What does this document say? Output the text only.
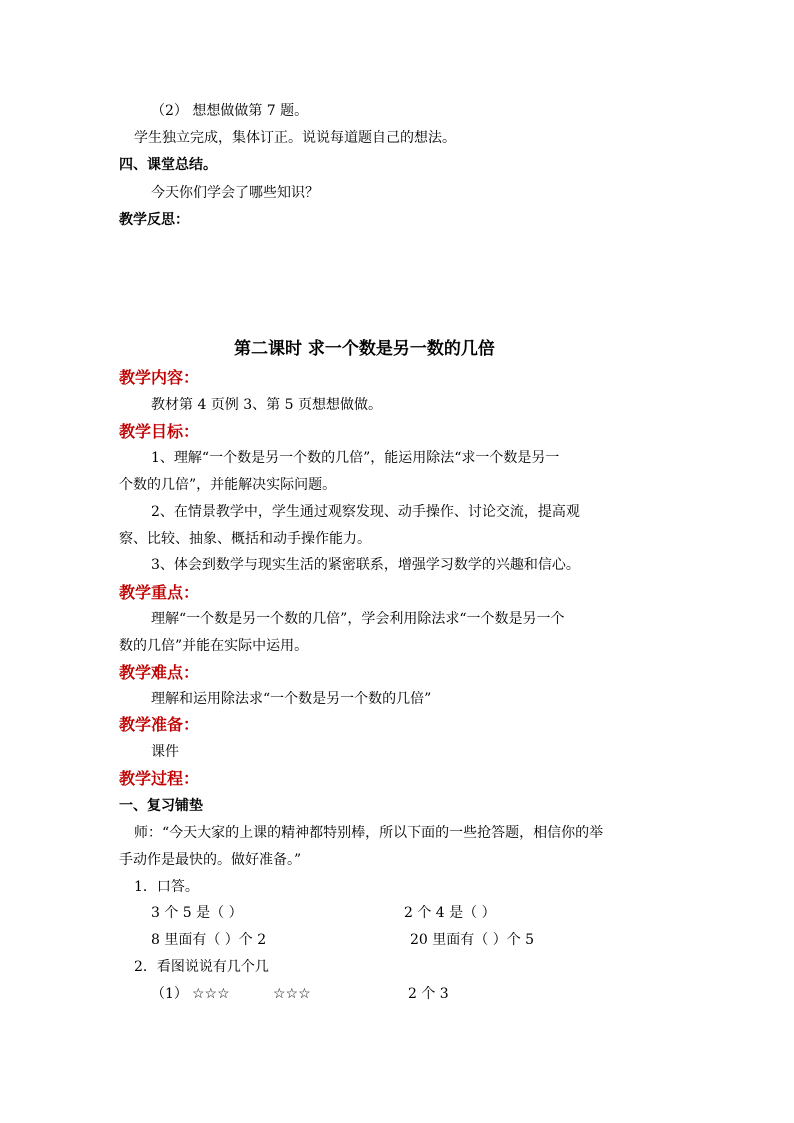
（2） 想想做做第 7 题。
学生独立完成，集体订正。说说每道题自己的想法。
四、课堂总结。
今天你们学会了哪些知识？
教学反思：
第二课时 求一个数是另一数的几倍
教学内容：
教材第 4 页例 3、第 5 页想想做做。
教学目标：
1、理解“一个数是另一个数的几倍”，能运用除法“求一个数是另一
个数的几倍”，并能解决实际问题。
2、在情景教学中，学生通过观察发现、动手操作、讨论交流，提高观
察、比较、抽象、概括和动手操作能力。
3、体会到数学与现实生活的紧密联系，增强学习数学的兴趣和信心。
教学重点：
理解“一个数是另一个数的几倍”，学会利用除法求“一个数是另一个
数的几倍”并能在实际中运用。
教学难点：
理解和运用除法求“一个数是另一个数的几倍”
教学准备：
课件
教学过程：
一、复习铺垫
师：“今天大家的上课的精神都特别棒，所以下面的一些抢答题，相信你的举
手动作是最快的。做好准备。”
1．口答。
3 个 5 是（ ）	2 个 4 是（ ）
8 里面有（ ）个 2	20 里面有（ ）个 5
2．看图说说有几个几
（1） ☆☆☆	☆☆☆	2 个 3
